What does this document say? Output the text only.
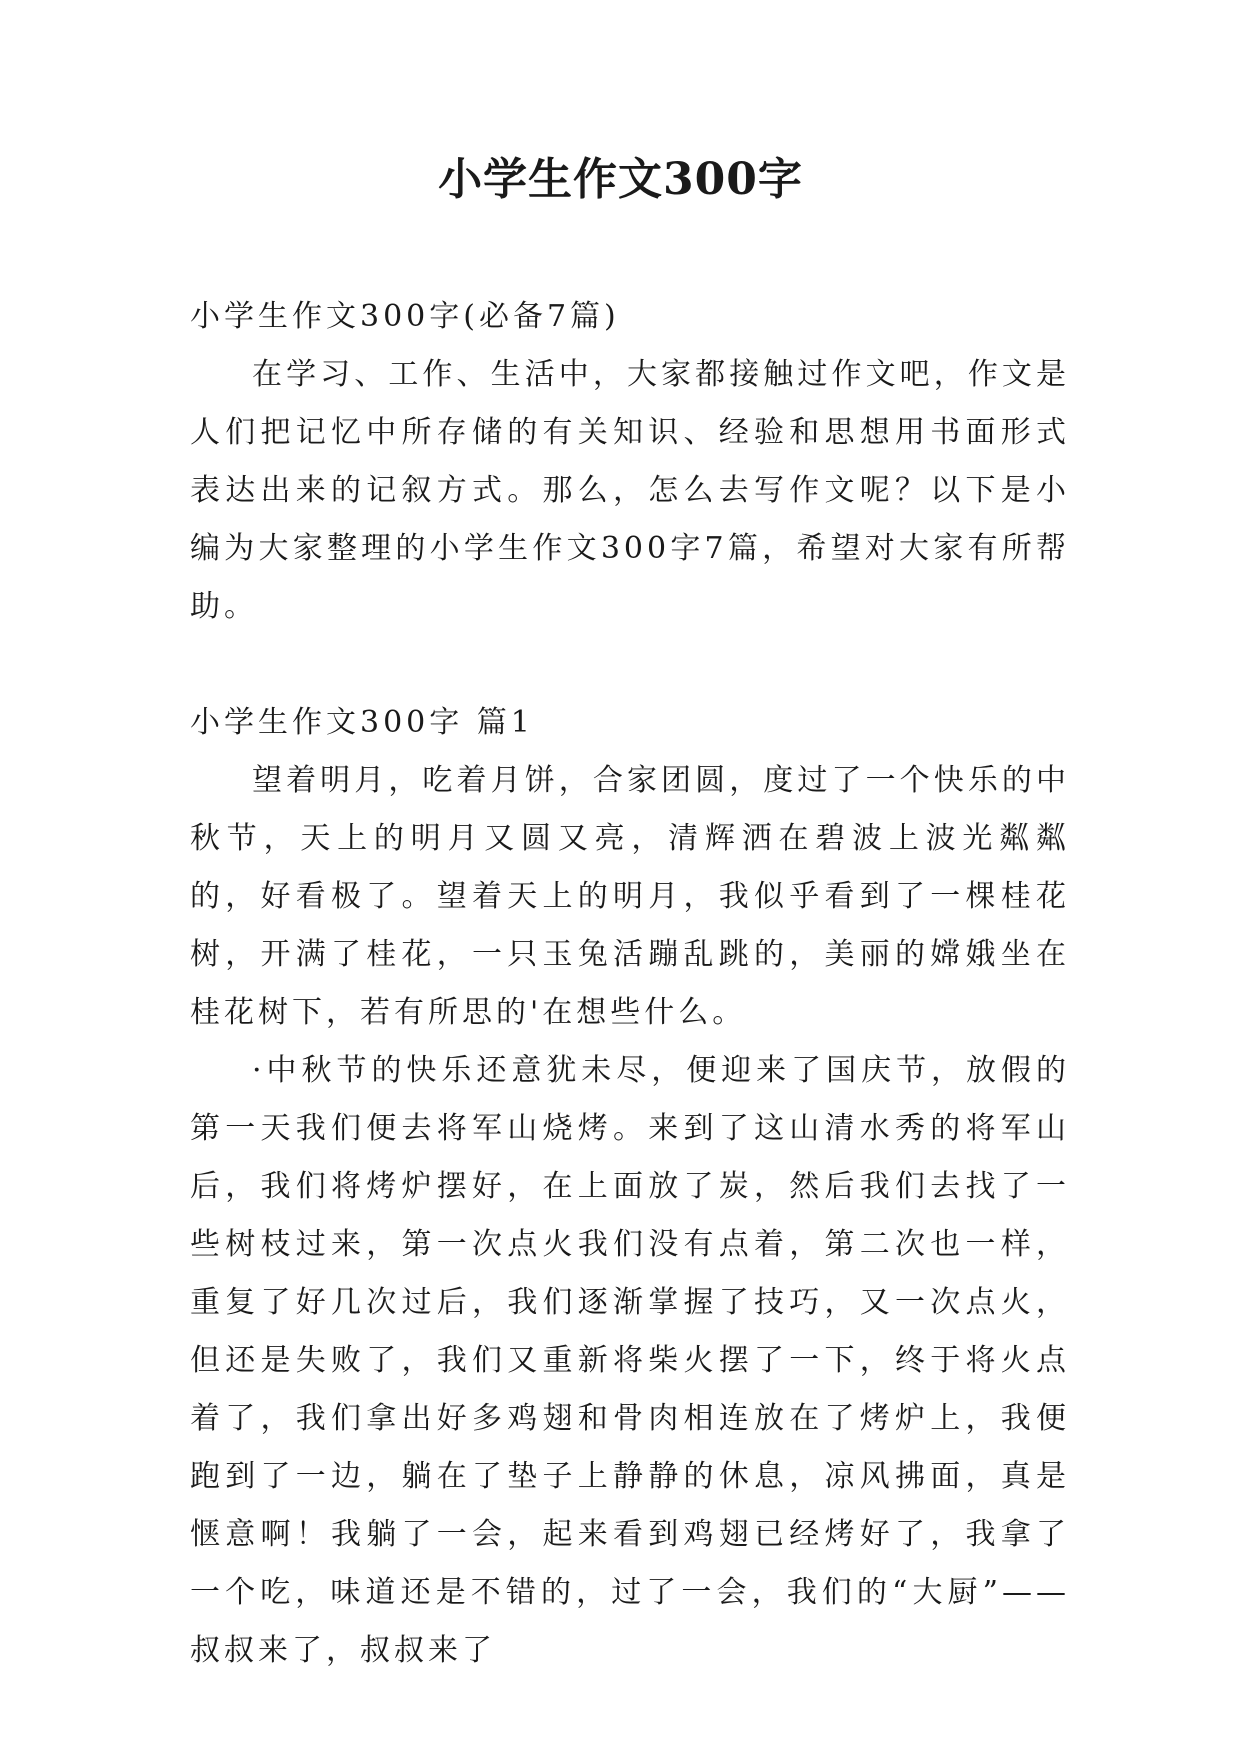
小学生作文300字

小学生作文300字(必备7篇)

在学习、工作、生活中，大家都接触过作文吧，作文是人们把记忆中所存储的有关知识、经验和思想用书面形式表达出来的记叙方式。那么，怎么去写作文呢？以下是小编为大家整理的小学生作文300字7篇，希望对大家有所帮助。

小学生作文300字 篇1

望着明月，吃着月饼，合家团圆，度过了一个快乐的中秋节，天上的明月又圆又亮，清辉洒在碧波上波光粼粼的，好看极了。望着天上的明月，我似乎看到了一棵桂花树，开满了桂花，一只玉兔活蹦乱跳的，美丽的嫦娥坐在桂花树下，若有所思的'在想些什么。

·中秋节的快乐还意犹未尽，便迎来了国庆节，放假的第一天我们便去将军山烧烤。来到了这山清水秀的将军山后，我们将烤炉摆好，在上面放了炭，然后我们去找了一些树枝过来，第一次点火我们没有点着，第二次也一样，重复了好几次过后，我们逐渐掌握了技巧，又一次点火，但还是失败了，我们又重新将柴火摆了一下，终于将火点着了，我们拿出好多鸡翅和骨肉相连放在了烤炉上，我便跑到了一边，躺在了垫子上静静的休息，凉风拂面，真是惬意啊！我躺了一会，起来看到鸡翅已经烤好了，我拿了一个吃，味道还是不错的，过了一会，我们的“大厨”——叔叔来了，叔叔来了
